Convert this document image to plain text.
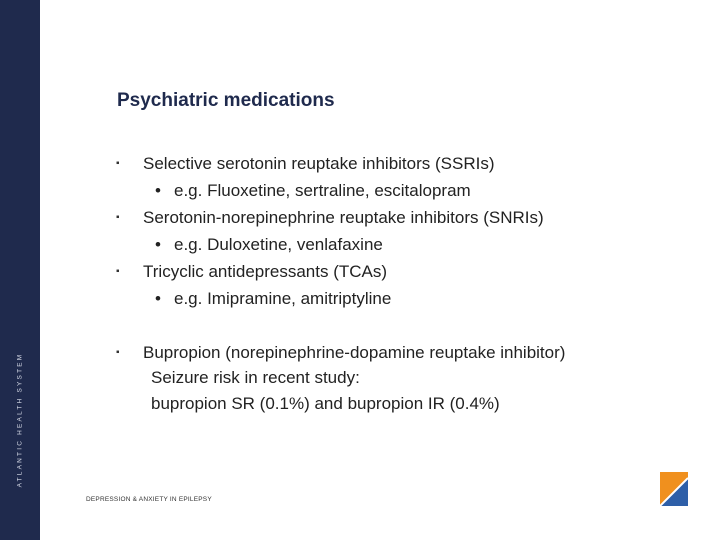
ATLANTIC HEALTH SYSTEM
Psychiatric medications
▪ Selective serotonin reuptake inhibitors (SSRIs)
• e.g. Fluoxetine, sertraline, escitalopram
▪ Serotonin-norepinephrine reuptake inhibitors (SNRIs)
• e.g. Duloxetine, venlafaxine
▪ Tricyclic antidepressants (TCAs)
• e.g. Imipramine, amitriptyline
▪ Bupropion (norepinephrine-dopamine reuptake inhibitor)
Seizure risk in recent study:
bupropion SR (0.1%) and bupropion IR (0.4%)
DEPRESSION & ANXIETY IN EPILEPSY
